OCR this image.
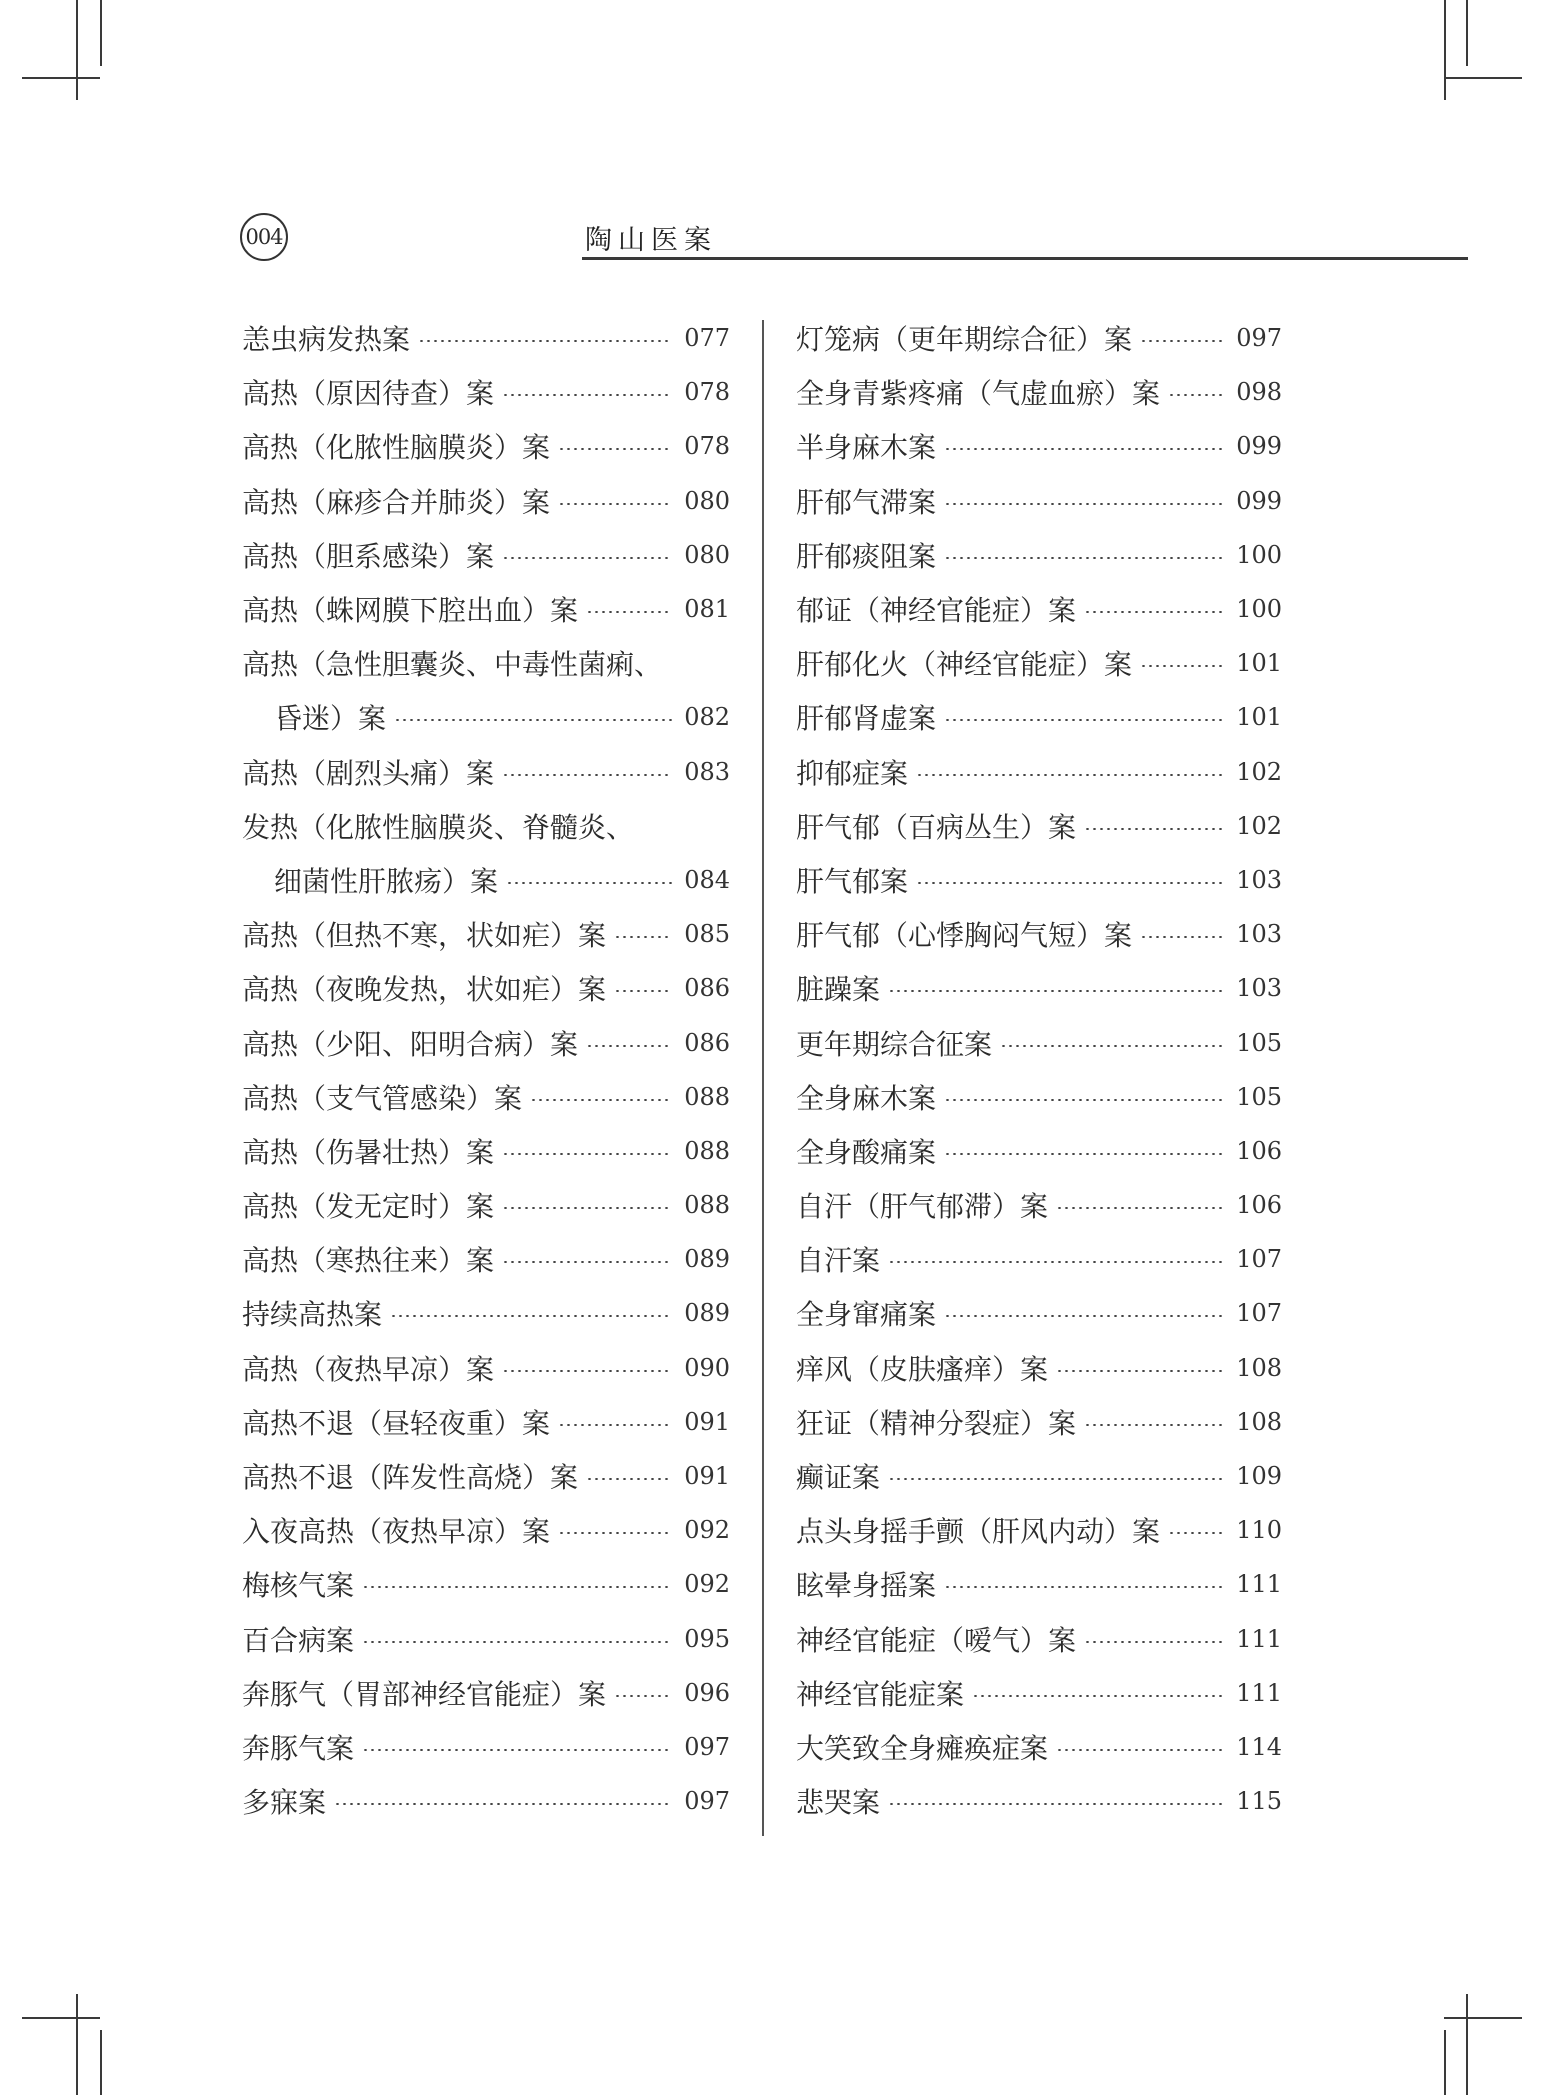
004	陶山医案
恙虫病发热案	077
高热（原因待查）案	078
高热（化脓性脑膜炎）案	078
高热（麻疹合并肺炎）案	080
高热（胆系感染）案	080
高热（蛛网膜下腔出血）案	081
高热（急性胆囊炎、中毒性菌痢、
昏迷）案	082
高热（剧烈头痛）案	083
发热（化脓性脑膜炎、脊髓炎、
细菌性肝脓疡）案	084
高热（但热不寒，状如疟）案	085
高热（夜晚发热，状如疟）案	086
高热（少阳、阳明合病）案	086
高热（支气管感染）案	088
高热（伤暑壮热）案	088
高热（发无定时）案	088
高热（寒热往来）案	089
持续高热案	089
高热（夜热早凉）案	090
高热不退（昼轻夜重）案	091
高热不退（阵发性高烧）案	091
入夜高热（夜热早凉）案	092
梅核气案	092
百合病案	095
奔豚气（胃部神经官能症）案	096
奔豚气案	097
多寐案	097
灯笼病（更年期综合征）案	097
全身青紫疼痛（气虚血瘀）案	098
半身麻木案	099
肝郁气滞案	099
肝郁痰阻案	100
郁证（神经官能症）案	100
肝郁化火（神经官能症）案	101
肝郁肾虚案	101
抑郁症案	102
肝气郁（百病丛生）案	102
肝气郁案	103
肝气郁（心悸胸闷气短）案	103
脏躁案	103
更年期综合征案	105
全身麻木案	105
全身酸痛案	106
自汗（肝气郁滞）案	106
自汗案	107
全身窜痛案	107
痒风（皮肤瘙痒）案	108
狂证（精神分裂症）案	108
癫证案	109
点头身摇手颤（肝风内动）案	110
眩晕身摇案	111
神经官能症（嗳气）案	111
神经官能症案	111
大笑致全身瘫痪症案	114
悲哭案	115
